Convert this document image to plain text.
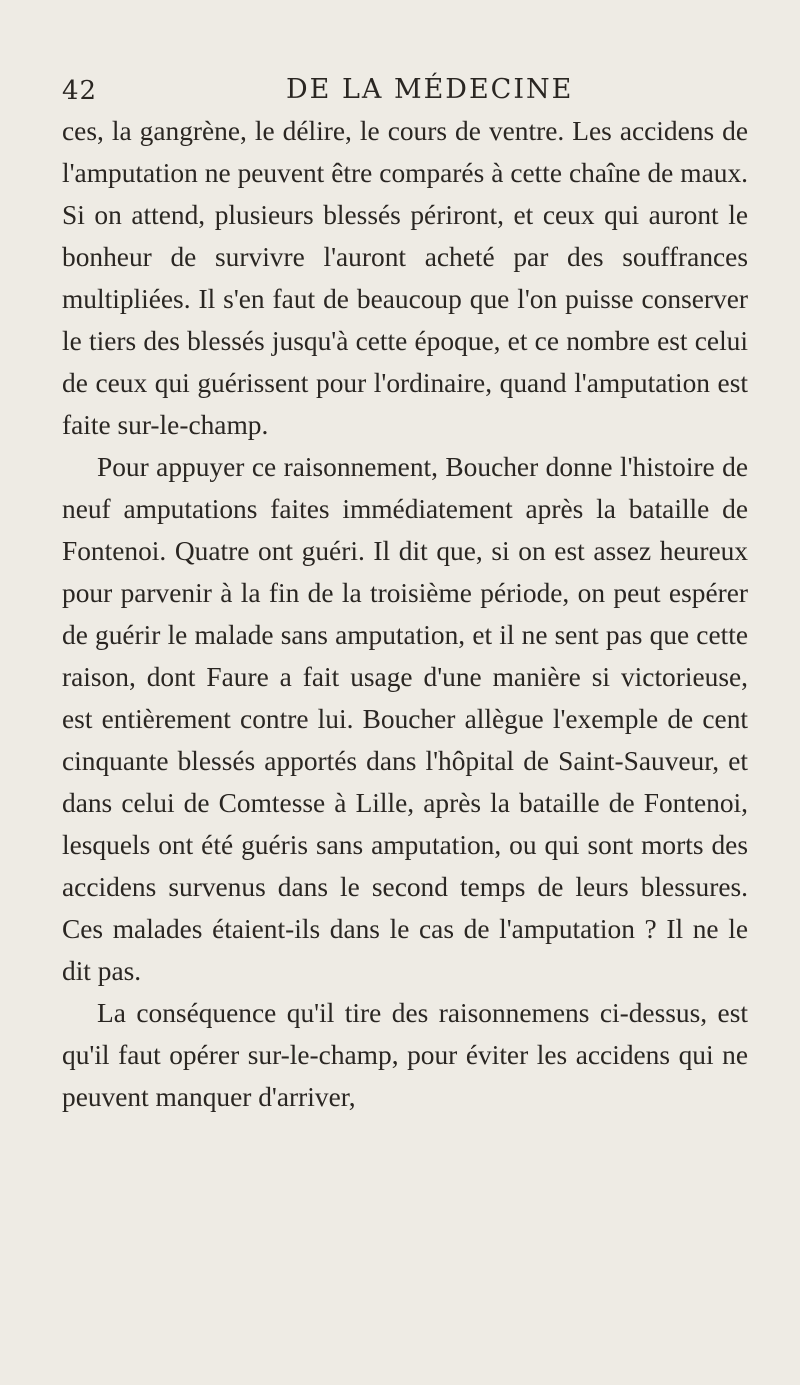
42	DE LA MÉDECINE

ces, la gangrène, le délire, le cours de ventre. Les accidens de l'amputation ne peuvent être comparés à cette chaîne de maux. Si on attend, plusieurs blessés périront, et ceux qui auront le bonheur de survivre l'auront acheté par des souffrances multipliées. Il s'en faut de beaucoup que l'on puisse conserver le tiers des blessés jusqu'à cette époque, et ce nombre est celui de ceux qui guérissent pour l'ordinaire, quand l'amputation est faite sur-le-champ.

Pour appuyer ce raisonnement, Boucher donne l'histoire de neuf amputations faites immédiatement après la bataille de Fontenoi. Quatre ont guéri. Il dit que, si on est assez heureux pour parvenir à la fin de la troisième période, on peut espérer de guérir le malade sans amputation, et il ne sent pas que cette raison, dont Faure a fait usage d'une manière si victorieuse, est entièrement contre lui. Boucher allègue l'exemple de cent cinquante blessés apportés dans l'hôpital de Saint-Sauveur, et dans celui de Comtesse à Lille, après la bataille de Fontenoi, lesquels ont été guéris sans amputation, ou qui sont morts des accidens survenus dans le second temps de leurs blessures. Ces malades étaient-ils dans le cas de l'amputation ? Il ne le dit pas.

La conséquence qu'il tire des raisonnemens ci-dessus, est qu'il faut opérer sur-le-champ, pour éviter les accidens qui ne peuvent manquer d'arriver,
